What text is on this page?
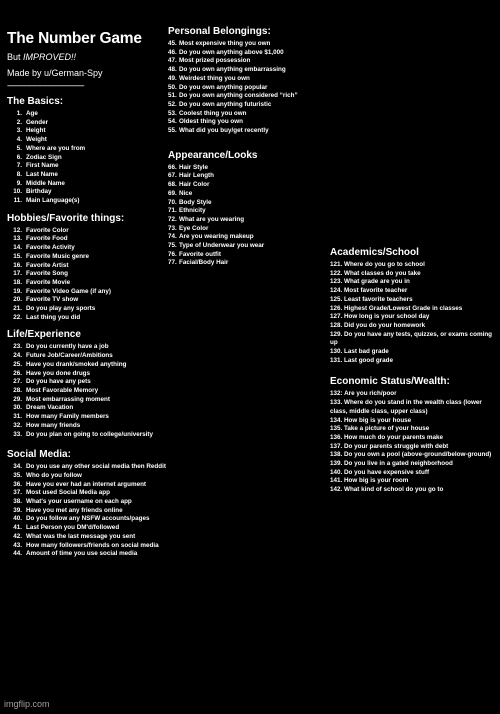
The Number Game
But IMPROVED!!
Made by u/German-Spy
----------------------------------------------
The Basics:
1. Age
2. Gender
3. Height
4. Weight
5. Where are you from
6. Zodiac Sign
7. First Name
8. Last Name
9. Middle Name
10. Birthday
11. Main Language(s)
Hobbies/Favorite things:
12. Favorite Color
13. Favorite Food
14. Favorite Activity
15. Favorite Music genre
16. Favorite Artist
17. Favorite Song
18. Favorite Movie
19. Favorite Video Game (if any)
20. Favorite TV show
21. Do you play any sports
22. Last thing you did
Life/Experience
23. Do you currently have a job
24. Future Job/Career/Ambitions
25. Have you drank/smoked anything
26. Have you done drugs
27. Do you have any pets
28. Most Favorable Memory
29. Most embarrassing moment
30. Dream Vacation
31. How many Family members
32. How many friends
33. Do you plan on going to college/university
Social Media:
34. Do you use any other social media then Reddit
35. Who do you follow
36. Have you ever had an internet argument
37. Most used Social Media app
38. What's your username on each app
39. Have you met any friends online
40. Do you follow any NSFW accounts/pages
41. Last Person you DM'd/followed
42. What was the last message you sent
43. How many followers/friends on social media
44. Amount of time you use social media
Personal Belongings:
45. Most expensive thing you own
46. Do you own anything above $1,000
47. Most prized possession
48. Do you own anything embarrassing
49. Weirdest thing you own
50. Do you own anything popular
51. Do you own anything considered “rich”
52. Do you own anything futuristic
53. Coolest thing you own
54. Oldest thing you own
55. What did you buy/get recently
Appearance/Looks
66. Hair Style
67. Hair Length
68. Hair Color
69. Nice
70. Body Style
71. Ethnicity
72. What are you wearing
73. Eye Color
74. Are you wearing makeup
75. Type of Underwear you wear
76. Favorite outfit
77. Facial/Body Hair
Academics/School
121. Where do you go to school
122. What classes do you take
123. What grade are you in
124. Most favorite teacher
125. Least favorite teachers
126. Highest Grade/Lowest Grade in classes
127. How long is your school day
128. Did you do your homework
129. Do you have any tests, quizzes, or exams coming up
130. Last bad grade
131. Last good grade
Economic Status/Wealth:
132: Are you rich/poor
133. Where do you stand in the wealth class (lower class, middle class, upper class)
134. How big is your house
135. Take a picture of your house
136. How much do your parents make
137. Do your parents struggle with debt
138. Do you own a pool (above-ground/below-ground)
139. Do you live in a gated neighborhood
140. Do you have expensive stuff
141. How big is your room
142. What kind of school do you go to
imgflip.com
